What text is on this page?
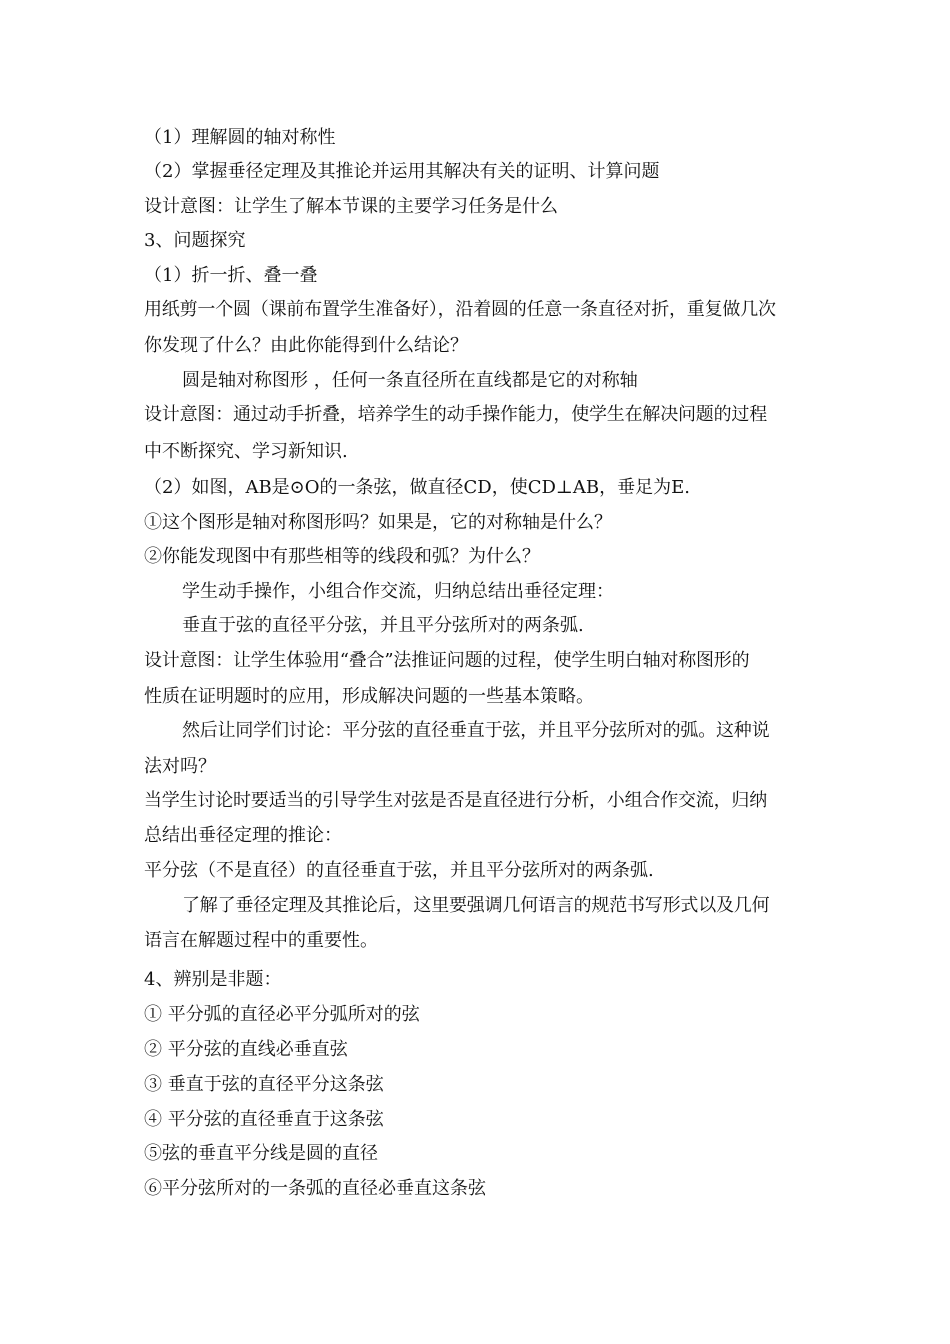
（1）理解圆的轴对称性
（2）掌握垂径定理及其推论并运用其解决有关的证明、计算问题
设计意图：让学生了解本节课的主要学习任务是什么
3、问题探究
（1）折一折、叠一叠
用纸剪一个圆（课前布置学生准备好），沿着圆的任意一条直径对折，重复做几次
你发现了什么？由此你能得到什么结论？
圆是轴对称图形 ，任何一条直径所在直线都是它的对称轴
设计意图：通过动手折叠，培养学生的动手操作能力，使学生在解决问题的过程
中不断探究、学习新知识.
（2）如图，AB是⊙O的一条弦，做直径CD，使CD⊥AB，垂足为E.
①这个图形是轴对称图形吗？如果是，它的对称轴是什么？
②你能发现图中有那些相等的线段和弧？为什么？
学生动手操作，小组合作交流，归纳总结出垂径定理：
垂直于弦的直径平分弦，并且平分弦所对的两条弧.
设计意图：让学生体验用“叠合”法推证问题的过程，使学生明白轴对称图形的
性质在证明题时的应用，形成解决问题的一些基本策略。
然后让同学们讨论：平分弦的直径垂直于弦，并且平分弦所对的弧。这种说
法对吗？
当学生讨论时要适当的引导学生对弦是否是直径进行分析，小组合作交流，归纳
总结出垂径定理的推论：
平分弦（不是直径）的直径垂直于弦，并且平分弦所对的两条弧.
了解了垂径定理及其推论后，这里要强调几何语言的规范书写形式以及几何
语言在解题过程中的重要性。
4、辨别是非题：
① 平分弧的直径必平分弧所对的弦
② 平分弦的直线必垂直弦
③ 垂直于弦的直径平分这条弦
④ 平分弦的直径垂直于这条弦
⑤弦的垂直平分线是圆的直径
⑥平分弦所对的一条弧的直径必垂直这条弦
